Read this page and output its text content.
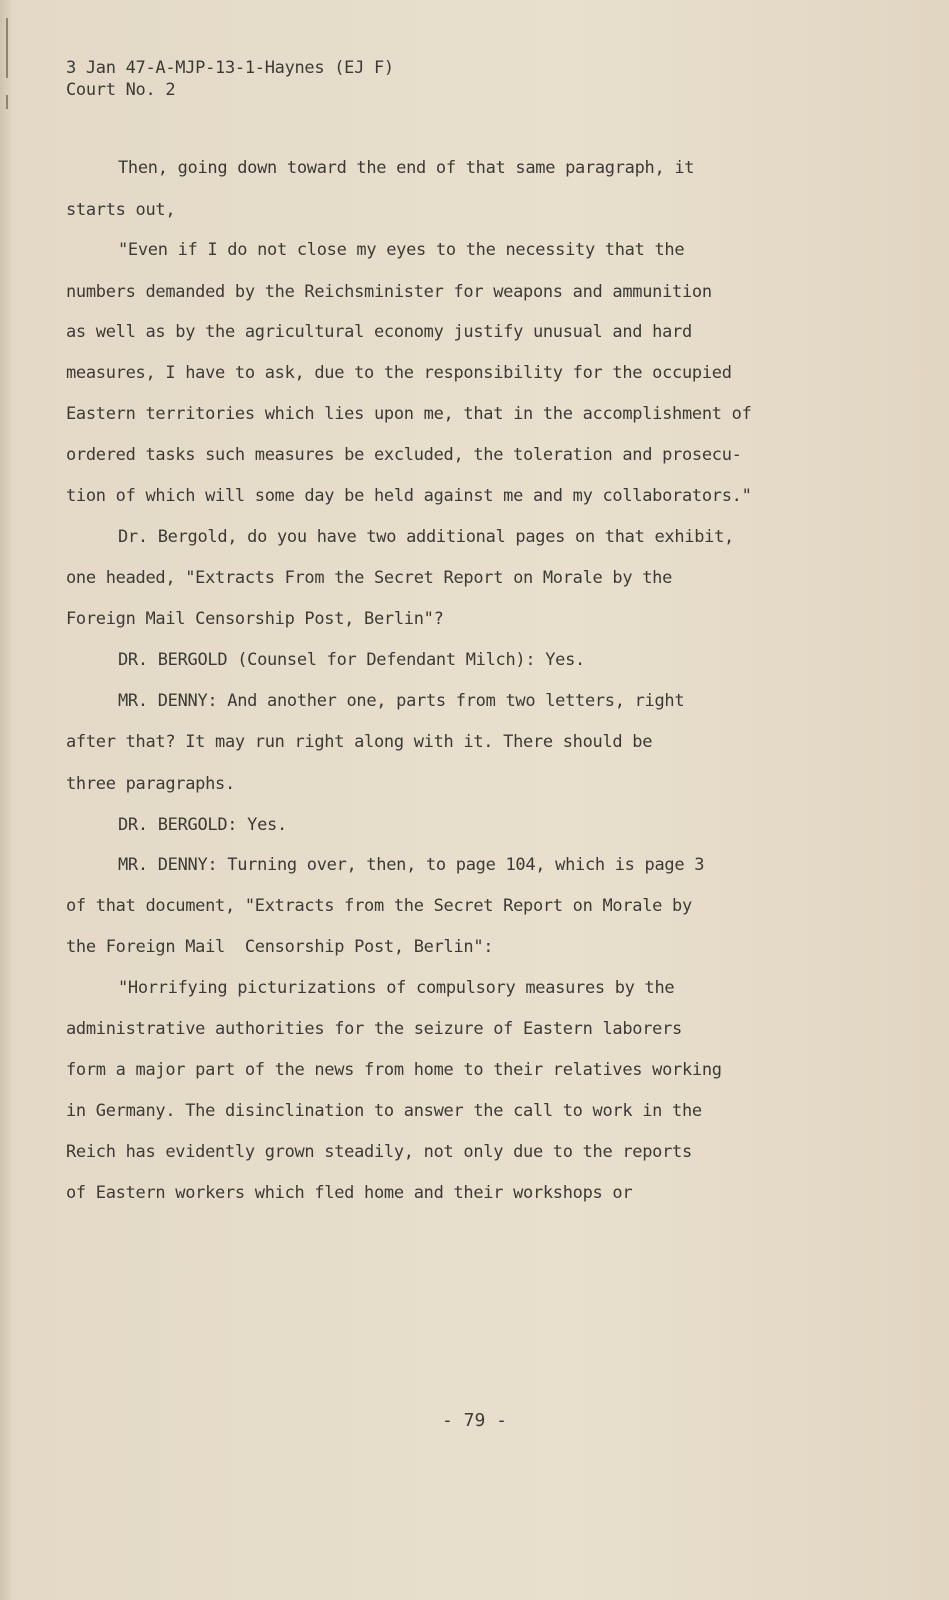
3 Jan 47-A-MJP-13-1-Haynes (EJ F)
Court No. 2
Then, going down toward the end of that same paragraph, it
starts out,
"Even if I do not close my eyes to the necessity that the
numbers demanded by the Reichsminister for weapons and ammunition
as well as by the agricultural economy justify unusual and hard
measures, I have to ask, due to the responsibility for the occupied
Eastern territories which lies upon me, that in the accomplishment of
ordered tasks such measures be excluded, the toleration and prosecu-
tion of which will some day be held against me and my collaborators."
Dr. Bergold, do you have two additional pages on that exhibit,
one headed, "Extracts From the Secret Report on Morale by the
Foreign Mail Censorship Post, Berlin"?
DR. BERGOLD (Counsel for Defendant Milch): Yes.
MR. DENNY: And another one, parts from two letters, right
after that? It may run right along with it. There should be
three paragraphs.
DR. BERGOLD: Yes.
MR. DENNY: Turning over, then, to page 104, which is page 3
of that document, "Extracts from the Secret Report on Morale by
the Foreign Mail  Censorship Post, Berlin":
"Horrifying picturizations of compulsory measures by the
administrative authorities for the seizure of Eastern laborers
form a major part of the news from home to their relatives working
in Germany. The disinclination to answer the call to work in the
Reich has evidently grown steadily, not only due to the reports
of Eastern workers which fled home and their workshops or
- 79 -
